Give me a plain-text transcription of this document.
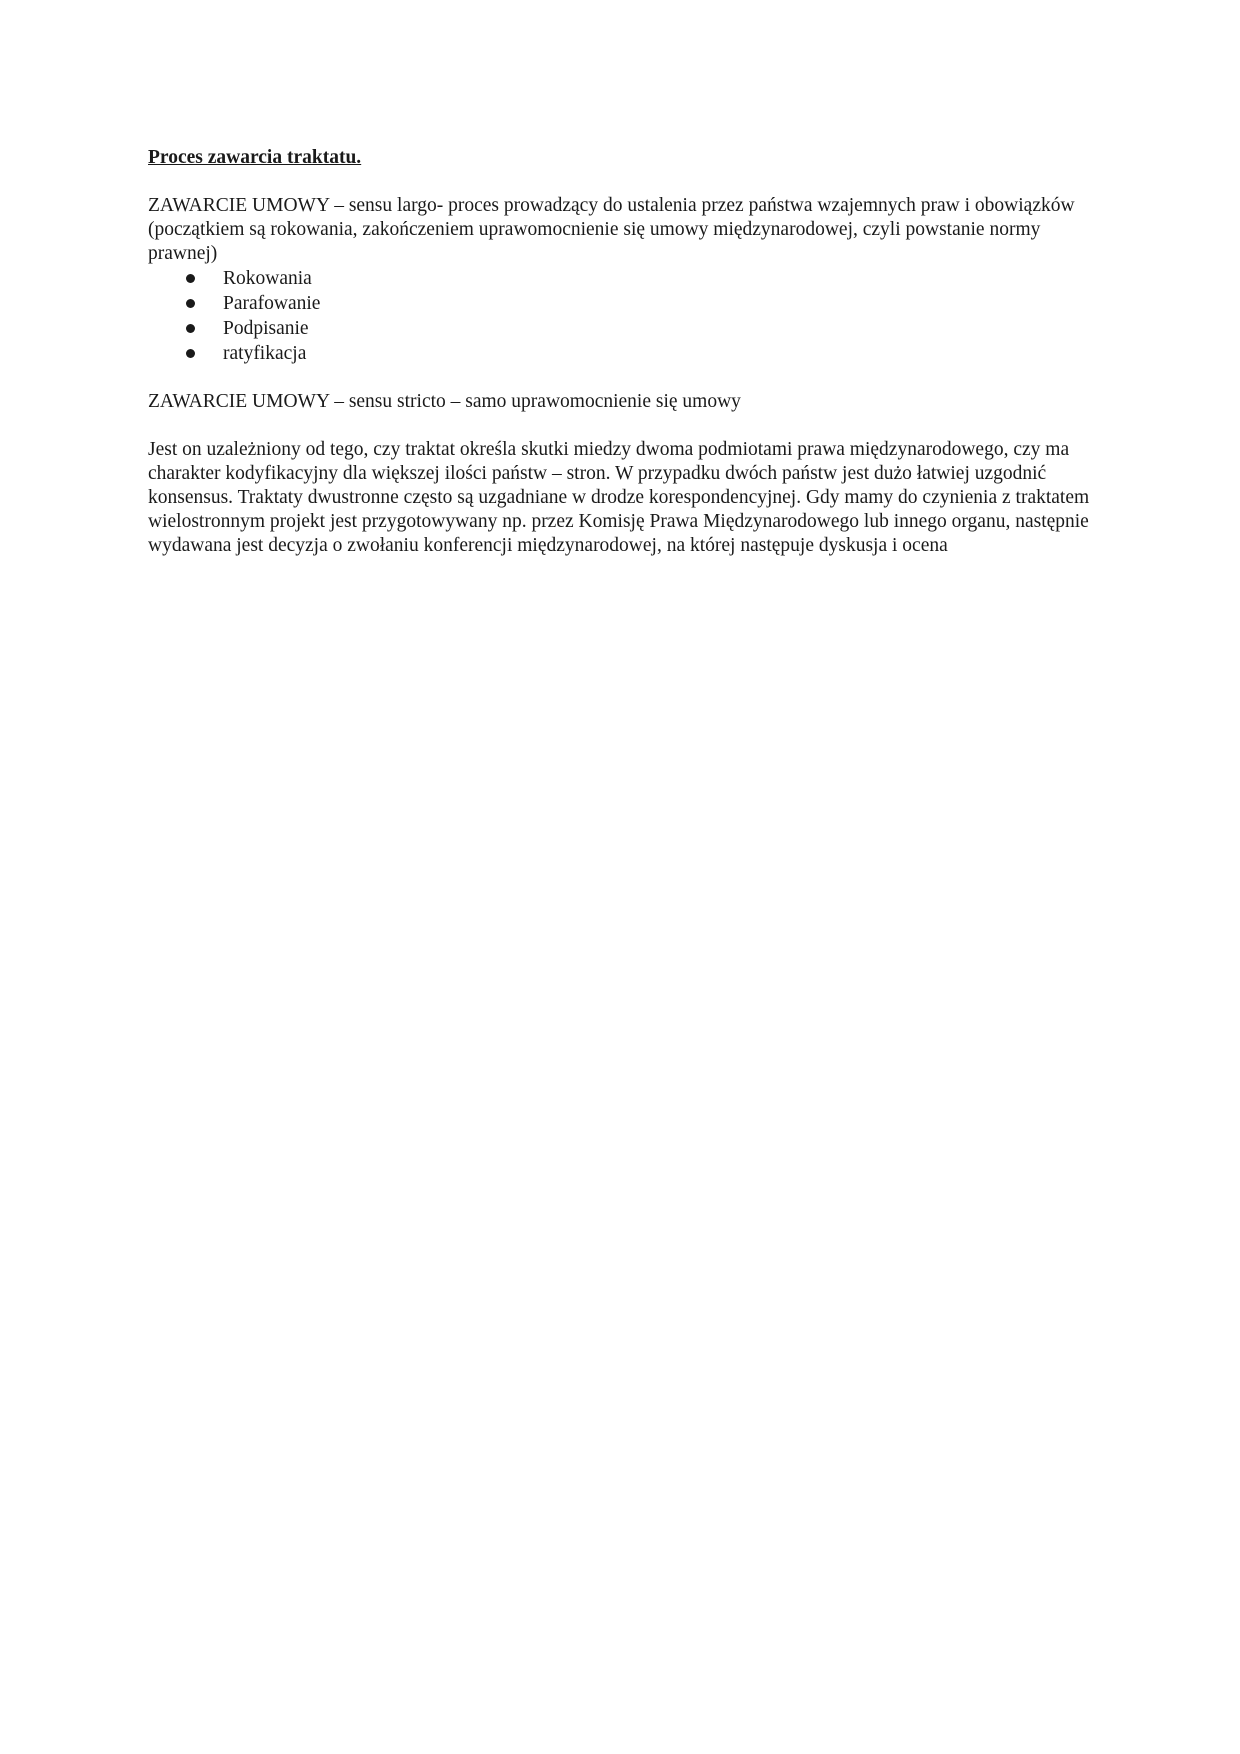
Proces zawarcia traktatu.

ZAWARCIE UMOWY – sensu largo- proces prowadzący do ustalenia przez państwa wzajemnych praw i obowiązków (początkiem są rokowania, zakończeniem uprawomocnienie się umowy międzynarodowej, czyli powstanie normy prawnej)

Rokowania
Parafowanie
Podpisanie
ratyfikacja

ZAWARCIE UMOWY – sensu stricto – samo uprawomocnienie się umowy

Jest on uzależniony od tego, czy traktat określa skutki miedzy dwoma podmiotami prawa międzynarodowego, czy ma charakter kodyfikacyjny dla większej ilości państw – stron. W przypadku dwóch państw jest dużo łatwiej uzgodnić konsensus. Traktaty dwustronne często są uzgadniane w drodze korespondencyjnej. Gdy mamy do czynienia z traktatem wielostronnym projekt jest przygotowywany np. przez Komisję Prawa Międzynarodowego lub innego organu, następnie wydawana jest decyzja o zwołaniu konferencji międzynarodowej, na której następuje dyskusja i ocena
